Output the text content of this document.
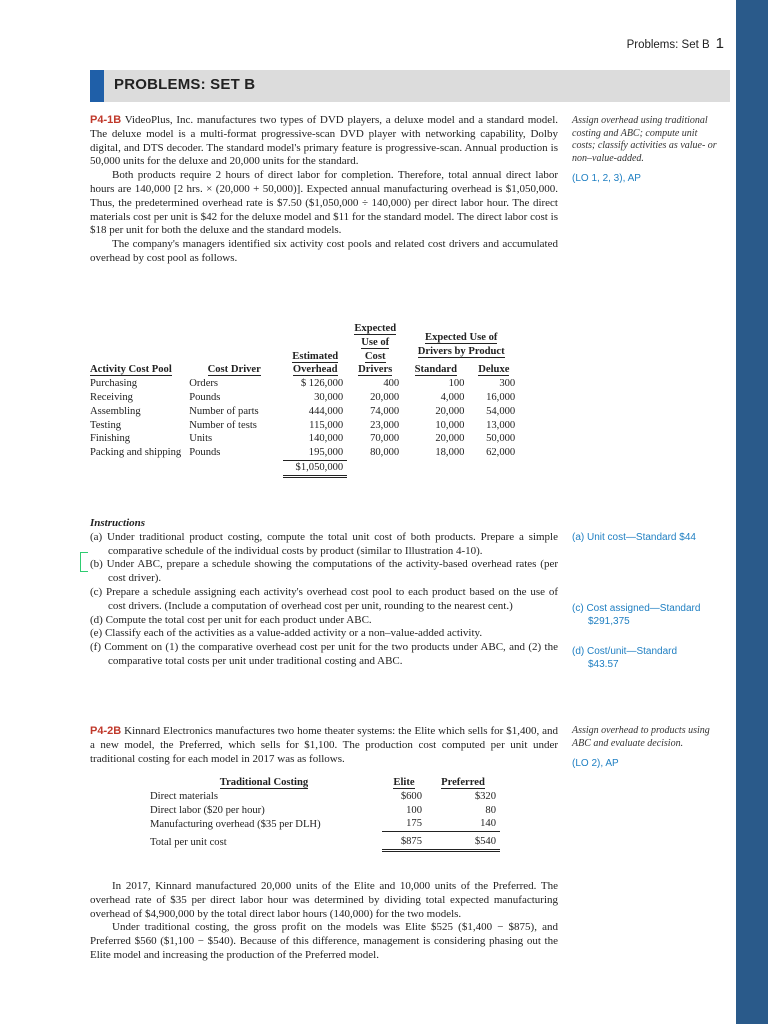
Problems: Set B 1
PROBLEMS: SET B

P4-1B VideoPlus, Inc. manufactures two types of DVD players, a deluxe model and a standard model. The deluxe model is a multi-format progressive-scan DVD player with networking capability, Dolby digital, and DTS decoder. The standard model's primary feature is progressive-scan. Annual production is 50,000 units for the deluxe and 20,000 units for the standard.

Both products require 2 hours of direct labor for completion. Therefore, total annual direct labor hours are 140,000 [2 hrs. × (20,000 + 50,000)]. Expected annual manufacturing overhead is $1,050,000. Thus, the predetermined overhead rate is $7.50 ($1,050,000 ÷ 140,000) per direct labor hour. The direct materials cost per unit is $42 for the deluxe model and $11 for the standard model. The direct labor cost is $18 per unit for both the deluxe and the standard models.

The company's managers identified six activity cost pools and related cost drivers and accumulated overhead by cost pool as follows.

Assign overhead using traditional costing and ABC; compute unit costs; classify activities as value- or non–value-added.
(LO 1, 2, 3), AP
Activity Cost Pool	Cost Driver	Estimated Overhead	Expected Use of Cost Drivers	Expected Use of Drivers by Product	
				Standard	Deluxe
Purchasing	Orders	$ 126,000	400	100	300
Receiving	Pounds	30,000	20,000	4,000	16,000
Assembling	Number of parts	444,000	74,000	20,000	54,000
Testing	Number of tests	115,000	23,000	10,000	13,000
Finishing	Units	140,000	70,000	20,000	50,000
Packing and shipping	Pounds	195,000	80,000	18,000	62,000
		$1,050,000			

Instructions

(a) Under traditional product costing, compute the total unit cost of both products. Prepare a simple comparative schedule of the individual costs by product (similar to Illustration 4-10).

(b) Under ABC, prepare a schedule showing the computations of the activity-based overhead rates (per cost driver).

(c) Prepare a schedule assigning each activity's overhead cost pool to each product based on the use of cost drivers. (Include a computation of overhead cost per unit, rounding to the nearest cent.)

(d) Compute the total cost per unit for each product under ABC.

(e) Classify each of the activities as a value-added activity or a non–value-added activity.

(f) Comment on (1) the comparative overhead cost per unit for the two products under ABC, and (2) the comparative total costs per unit under traditional costing and ABC.

(a) Unit cost—Standard $44
(c) Cost assigned—Standard
$291,375
(d) Cost/unit—Standard
$43.57

P4-2B Kinnard Electronics manufactures two home theater systems: the Elite which sells for $1,400, and a new model, the Preferred, which sells for $1,100. The production cost computed per unit under traditional costing for each model in 2017 was as follows.

Assign overhead to products using ABC and evaluate decision.
(LO 2), AP
Traditional Costing	Elite	Preferred
Direct materials	$600	$320
Direct labor ($20 per hour)	100	80
Manufacturing overhead ($35 per DLH)	175	140
Total per unit cost	$875	$540

In 2017, Kinnard manufactured 20,000 units of the Elite and 10,000 units of the Preferred. The overhead rate of $35 per direct labor hour was determined by dividing total expected manufacturing overhead of $4,900,000 by the total direct labor hours (140,000) for the two models.

Under traditional costing, the gross profit on the models was Elite $525 ($1,400 − $875), and Preferred $560 ($1,100 − $540). Because of this difference, management is considering phasing out the Elite model and increasing the production of the Preferred model.
